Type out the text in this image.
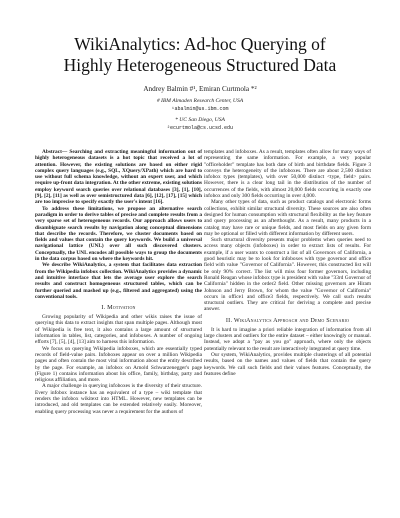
WikiAnalytics: Ad-hoc Querying of
Highly Heterogeneous Structured Data
Andrey Balmin #¹, Emiran Curtmola *²
# IBM Almaden Research Center, USA
¹abalmin@us.ibm.com
* UC San Diego, USA
²ecurtmola@cs.ucsd.edu

Abstract— Searching and extracting meaningful information out of highly heterogeneous datasets is a hot topic that received a lot of attention. However, the existing solutions are based on either rigid complex query languages (e.g., SQL, XQuery/XPath) which are hard to use without full schema knowledge, without an expert user, and which require up-front data integration. At the other extreme, existing solutions employ keyword search queries over relational databases [3], [1], [10], [9], [2], [11] as well as over semistructured data [6], [12], [17], [15] which are too imprecise to specify exactly the user's intent [16].

To address these limitations, we propose an alternative search paradigm in order to derive tables of precise and complete results from a very sparse set of heterogeneous records. Our approach allows users to disambiguate search results by navigation along conceptual dimensions that describe the records. Therefore, we cluster documents based on fields and values that contain the query keywords. We build a universal navigational lattice (UNL) over all such discovered clusters. Conceptually, the UNL encodes all possible ways to group the documents in the data corpus based on where the keywords hit.

We describe WikiAnalytics, a system that facilitates data extraction from the Wikipedia infobox collection. WikiAnalytics provides a dynamic and intuitive interface that lets the average user explore the search results and construct homogeneous structured tables, which can be further queried and mashed up (e.g., filtered and aggregated) using the conventional tools.

I. Motivation

Growing popularity of Wikipedia and other wikis raises the issue of querying this data to extract insights that span multiple pages. Although most of Wikipedia is free text, it also contains a large amount of structured information in tables, list, categories, and infoboxes. A number of ongoing efforts [7], [5], [4], [13] aim to harness this information.

We focus on querying Wikipedia infoboxes, which are essentially typed records of field-value pairs. Infoboxes appear on over a million Wikipedia pages and often contain the most vital information about the entity described by the page. For example, an infobox on Arnold Schwarzenegger's page (Figure 1) contains information about his office, family, birthday, party and religious affiliation, and more.

A major challenge in querying infoboxes is the diversity of their structure. Every infobox instance has an equivalent of a type – wiki template that renders the infobox wikitext into HTML. However, new templates can be introduced, and old templates can be extended relatively easily. Moreover, enabling query processing was never a requirement for the authors of

templates and infoboxes. As a result, templates often allow for many ways of representing the same information. For example, a very popular "officeholder" template has both date of birth and birthdate fields. Figure 3 conveys the heterogeneity of the infoboxes. There are about 2,500 distinct infobox types (templates), with over 50,000 distinct <type, field> pairs. However, there is a clear long tail in the distribution of the number of occurrences of the fields, with almost 20,000 fields occurring in exactly one infobox and only 300 fields occurring in over 4,000.

Many other types of data, such as product catalogs and electronic forms collections, exhibit similar structural diversity. These sources are also often designed for human consumption with structural flexibility as the key feature and query processing as an afterthought. As a result, many products in a catalog may have rare or unique fields, and most fields on any given form may be optional or filled with different information by different users.

Such structural diversity presents major problems when queries need to access many objects (infoboxes) in order to extract lists of results. For example, if a user wants to construct a list of all Governors of California, a good heuristic may be to look for infoboxes with type governor and office field with value "Governor of California". However, this constructed list will be only 90% correct. The list will miss four former governors, including Ronald Reagan whose infobox type is president with value "33rd Governor of California" hidden in the order2 field. Other missing governors are Hiram Johnson and Jerry Brown, for whom the value "Governor of California" occurs in office1 and office3 fields, respectively. We call such results structural outliers. They are critical for deriving a complete and precise answer.

II. WikiAnalytics Approach and Demo Scenario

It is hard to imagine a priori reliable integration of information from all large clusters and outliers for the entire dataset – either knowingly or manual. Instead, we adopt a "pay as you go" approach, where only the objects potentially relevant to the result are interactively integrated at query time.

Our system, WikiAnalytics, provides multiple clusterings of all potential results, based on the names and values of fields that contain the query keywords. We call such fields and their values features. Conceptually, the features define
